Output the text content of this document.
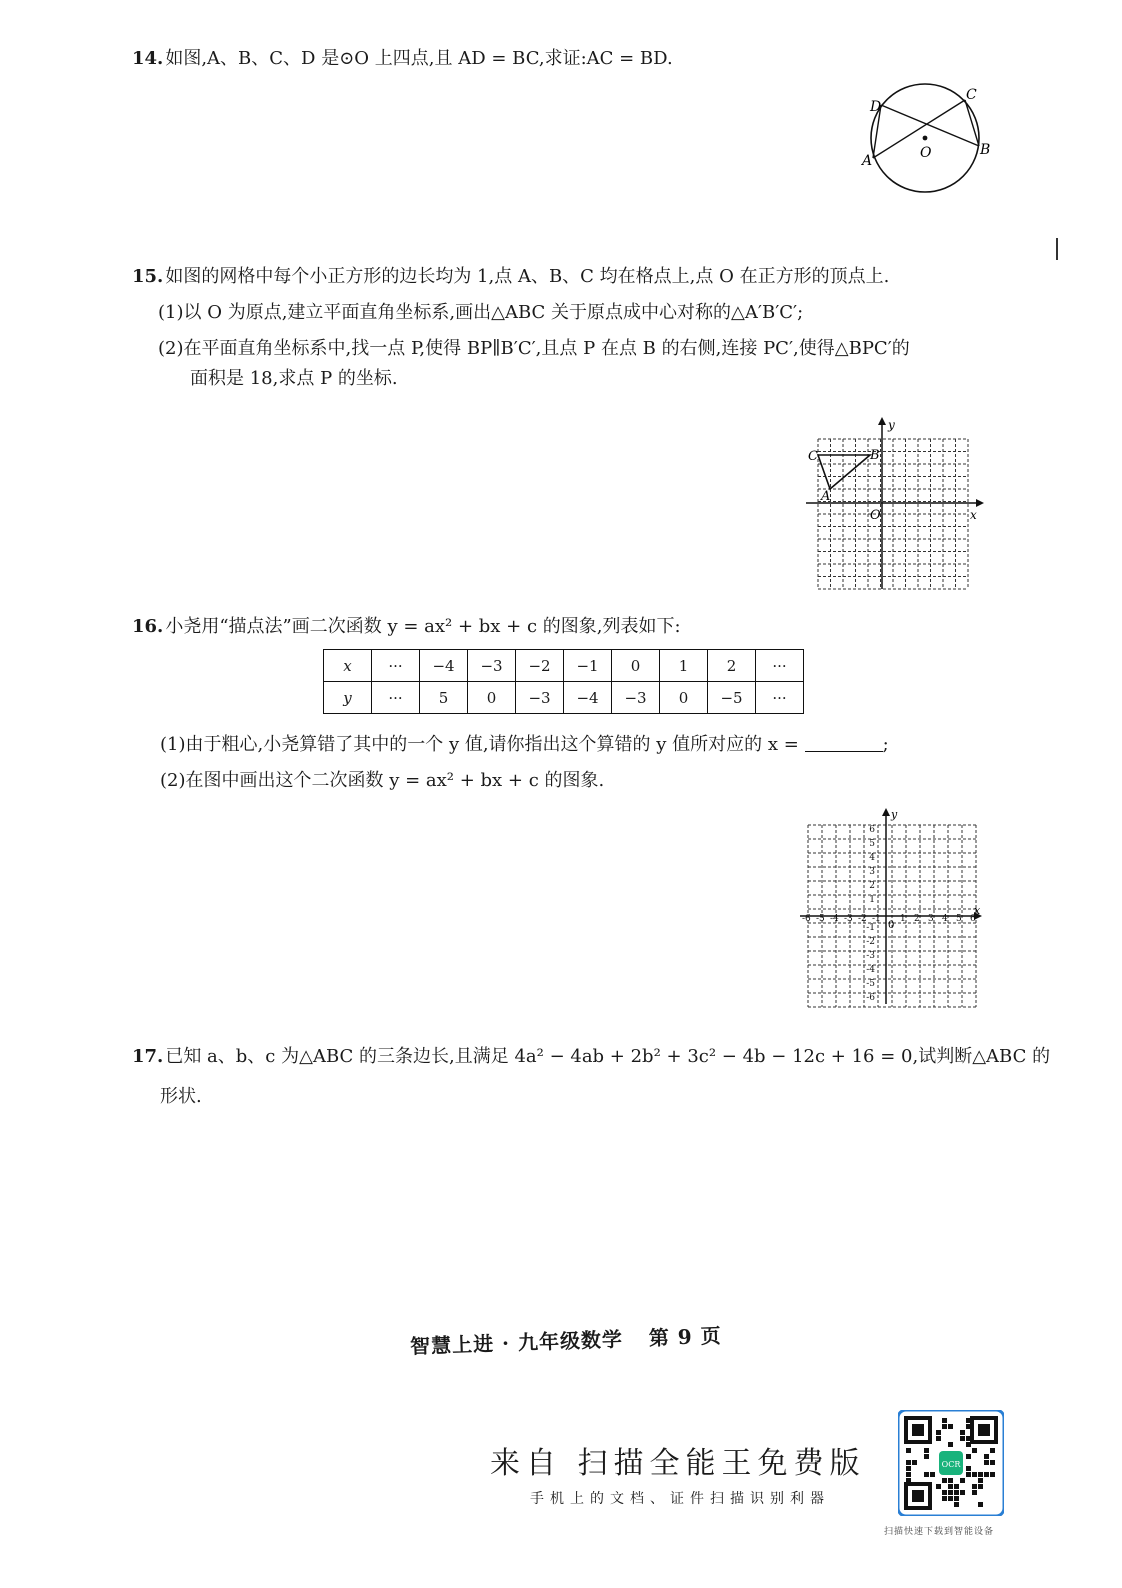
14. 如图,A、B、C、D 是⊙O 上四点,且 AD = BC,求证:AC = BD.
D
C
A
B
O
15. 如图的网格中每个小正方形的边长均为 1,点 A、B、C 均在格点上,点 O 在正方形的顶点上.
(1)以 O 为原点,建立平面直角坐标系,画出△ABC 关于原点成中心对称的△A′B′C′;
(2)在平面直角坐标系中,找一点 P,使得 BP∥B′C′,且点 P 在点 B 的右侧,连接 PC′,使得△BPC′的
面积是 18,求点 P 的坐标.
C	B
A
O	x
y
16. 小尧用“描点法”画二次函数 y = ax² + bx + c 的图象,列表如下:
x	···	−4	−3	−2	−1	0	1	2	···
y	···	5	0	−3	−4	−3	0	−5	···
(1)由于粗心,小尧算错了其中的一个 y 值,请你指出这个算错的 y 值所对应的 x =	;
(2)在图中画出这个二次函数 y = ax² + bx + c 的图象.
-6 -5 -4 -3 -2 -1 1 2 3 4 5 6
6
5
4
3
2
1
-1
-2
-3
-4
-5
-6
0
x
y
17. 已知 a、b、c 为△ABC 的三条边长,且满足 4a² − 4ab + 2b² + 3c² − 4b − 12c + 16 = 0,试判断△ABC 的
形状.
智慧上进 · 九年级数学 第 9 页
来自 扫描全能王免费版
手机上的文档、证件扫描识别利器
OCR
扫描快速下载到智能设备
